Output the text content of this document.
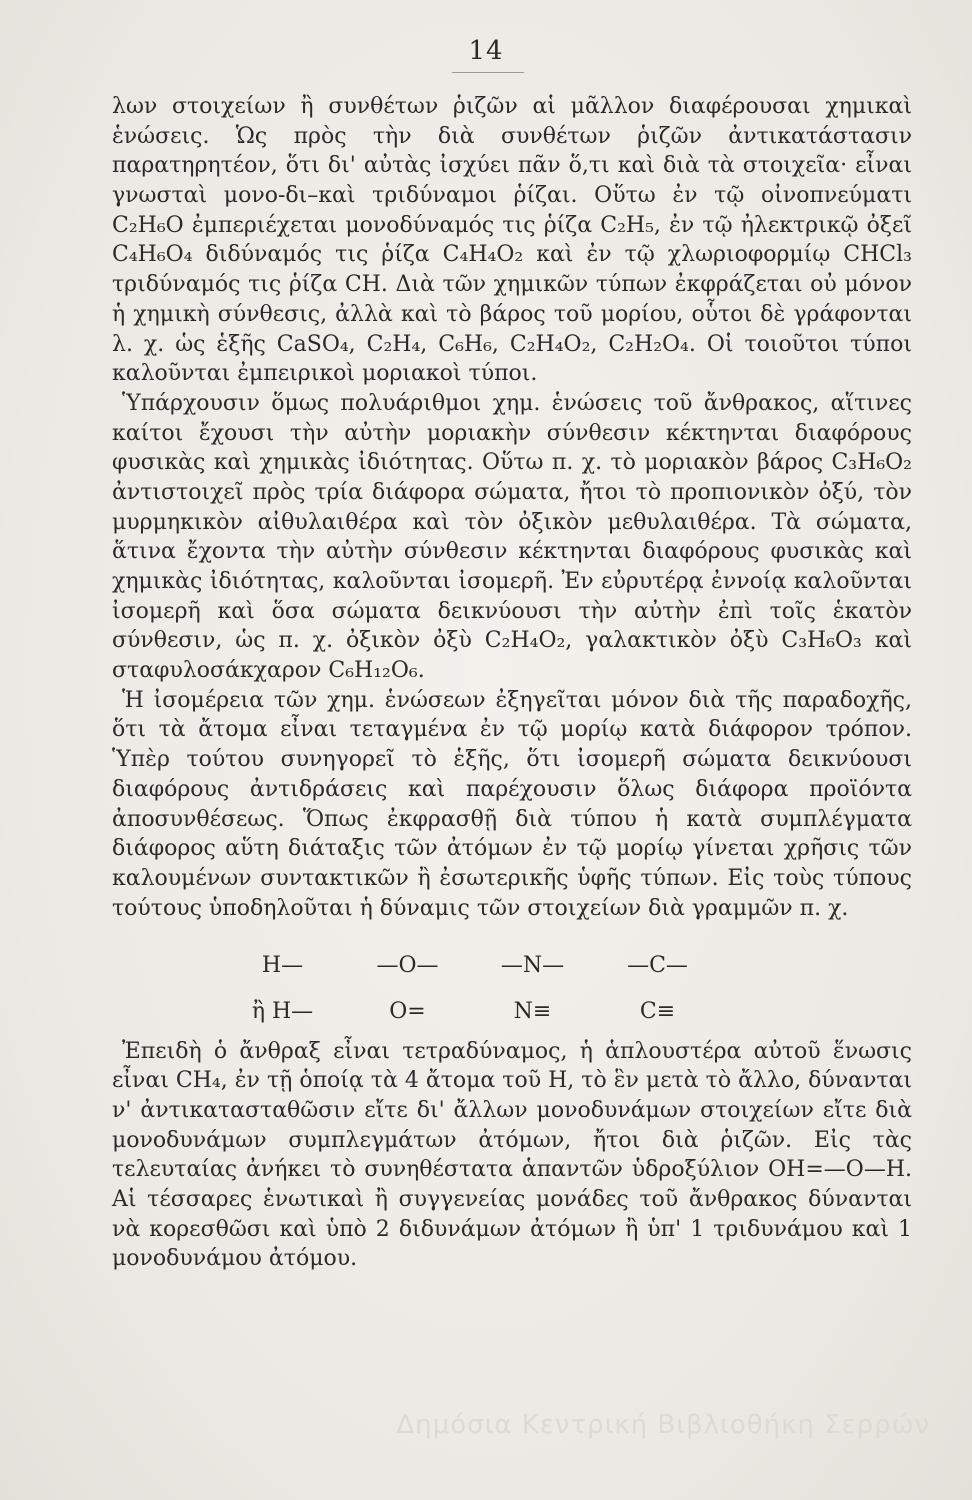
14

λων στοιχείων ἢ συνθέτων ῥιζῶν αἱ μᾶλλον διαφέρουσαι χημικαὶ ἑνώσεις. Ὡς πρὸς τὴν διὰ συνθέτων ῥιζῶν ἀντικατάστασιν παρατηρητέον, ὅτι δι' αὐτὰς ἰσχύει πᾶν ὅ,τι καὶ διὰ τὰ στοιχεῖα· εἶναι γνωσταὶ μονο-δι–καὶ τριδύναμοι ῥίζαι. Οὕτω ἐν τῷ οἰνοπνεύματι C₂H₆O ἐμπεριέχεται μονοδύναμός τις ῥίζα C₂H₅, ἐν τῷ ἠλεκτρικῷ ὀξεῖ C₄H₆O₄ διδύναμός τις ῥίζα C₄H₄O₂ καὶ ἐν τῷ χλωριοφορμίῳ CHCl₃ τριδύναμός τις ῥίζα CH. Διὰ τῶν χημικῶν τύπων ἐκφράζεται οὐ μόνον ἡ χημικὴ σύνθεσις, ἀλλὰ καὶ τὸ βάρος τοῦ μορίου, οὗτοι δὲ γράφονται λ. χ. ὡς ἑξῆς CaSO₄, C₂H₄, C₆H₆, C₂H₄O₂, C₂H₂O₄. Οἱ τοιοῦτοι τύποι καλοῦνται ἐμπειρικοὶ μοριακοὶ τύποι.

Ὑπάρχουσιν ὅμως πολυάριθμοι χημ. ἑνώσεις τοῦ ἄνθρακος, αἵτινες καίτοι ἔχουσι τὴν αὐτὴν μοριακὴν σύνθεσιν κέκτηνται διαφόρους φυσικὰς καὶ χημικὰς ἰδιότητας. Οὕτω π. χ. τὸ μοριακὸν βάρος C₃H₆O₂ ἀντιστοιχεῖ πρὸς τρία διάφορα σώματα, ἤτοι τὸ προπιονικὸν ὀξύ, τὸν μυρμηκικὸν αἰθυλαιθέρα καὶ τὸν ὀξικὸν μεθυλαιθέρα. Τὰ σώματα, ἅτινα ἔχοντα τὴν αὐτὴν σύνθεσιν κέκτηνται διαφόρους φυσικὰς καὶ χημικὰς ἰδιότητας, καλοῦνται ἰσομερῆ. Ἐν εὐρυτέρᾳ ἐννοίᾳ καλοῦνται ἰσομερῆ καὶ ὅσα σώματα δεικνύουσι τὴν αὐτὴν ἐπὶ τοῖς ἑκατὸν σύνθεσιν, ὡς π. χ. ὀξικὸν ὀξὺ C₂H₄O₂, γαλακτικὸν ὀξὺ C₃H₆O₃ καὶ σταφυλοσάκχαρον C₆H₁₂O₆.

Ἡ ἰσομέρεια τῶν χημ. ἑνώσεων ἐξηγεῖται μόνον διὰ τῆς παραδοχῆς, ὅτι τὰ ἄτομα εἶναι τεταγμένα ἐν τῷ μορίῳ κατὰ διάφορον τρόπον. Ὑπὲρ τούτου συνηγορεῖ τὸ ἑξῆς, ὅτι ἰσομερῆ σώματα δεικνύουσι διαφόρους ἀντιδράσεις καὶ παρέχουσιν ὅλως διάφορα προϊόντα ἀποσυνθέσεως. Ὅπως ἐκφρασθῇ διὰ τύπου ἡ κατὰ συμπλέγματα διάφορος αὕτη διάταξις τῶν ἀτόμων ἐν τῷ μορίῳ γίνεται χρῆσις τῶν καλουμένων συντακτικῶν ἢ ἐσωτερικῆς ὑφῆς τύπων. Εἰς τοὺς τύπους τούτους ὑποδηλοῦται ἡ δύναμις τῶν στοιχείων διὰ γραμμῶν π. χ.

H—	—O—	—N—	—C—
ἢ H—	O=	N≡	C≡

Ἐπειδὴ ὁ ἄνθραξ εἶναι τετραδύναμος, ἡ ἁπλουστέρα αὐτοῦ ἕνωσις εἶναι CH₄, ἐν τῇ ὁποίᾳ τὰ 4 ἄτομα τοῦ H, τὸ ἓν μετὰ τὸ ἄλλο, δύνανται ν' ἀντικατασταθῶσιν εἴτε δι' ἄλλων μονοδυνάμων στοιχείων εἴτε διὰ μονοδυνάμων συμπλεγμάτων ἀτόμων, ἤτοι διὰ ῥιζῶν. Εἰς τὰς τελευταίας ἀνήκει τὸ συνηθέστατα ἁπαντῶν ὑδροξύλιον OH=—O—H. Αἱ τέσσαρες ἑνωτικαὶ ἢ συγγενείας μονάδες τοῦ ἄνθρακος δύνανται νὰ κορεσθῶσι καὶ ὑπὸ 2 διδυνάμων ἀτόμων ἢ ὑπ' 1 τριδυνάμου καὶ 1 μονοδυνάμου ἀτόμου.

Δημόσια Κεντρική Βιβλιοθήκη Σερρών
